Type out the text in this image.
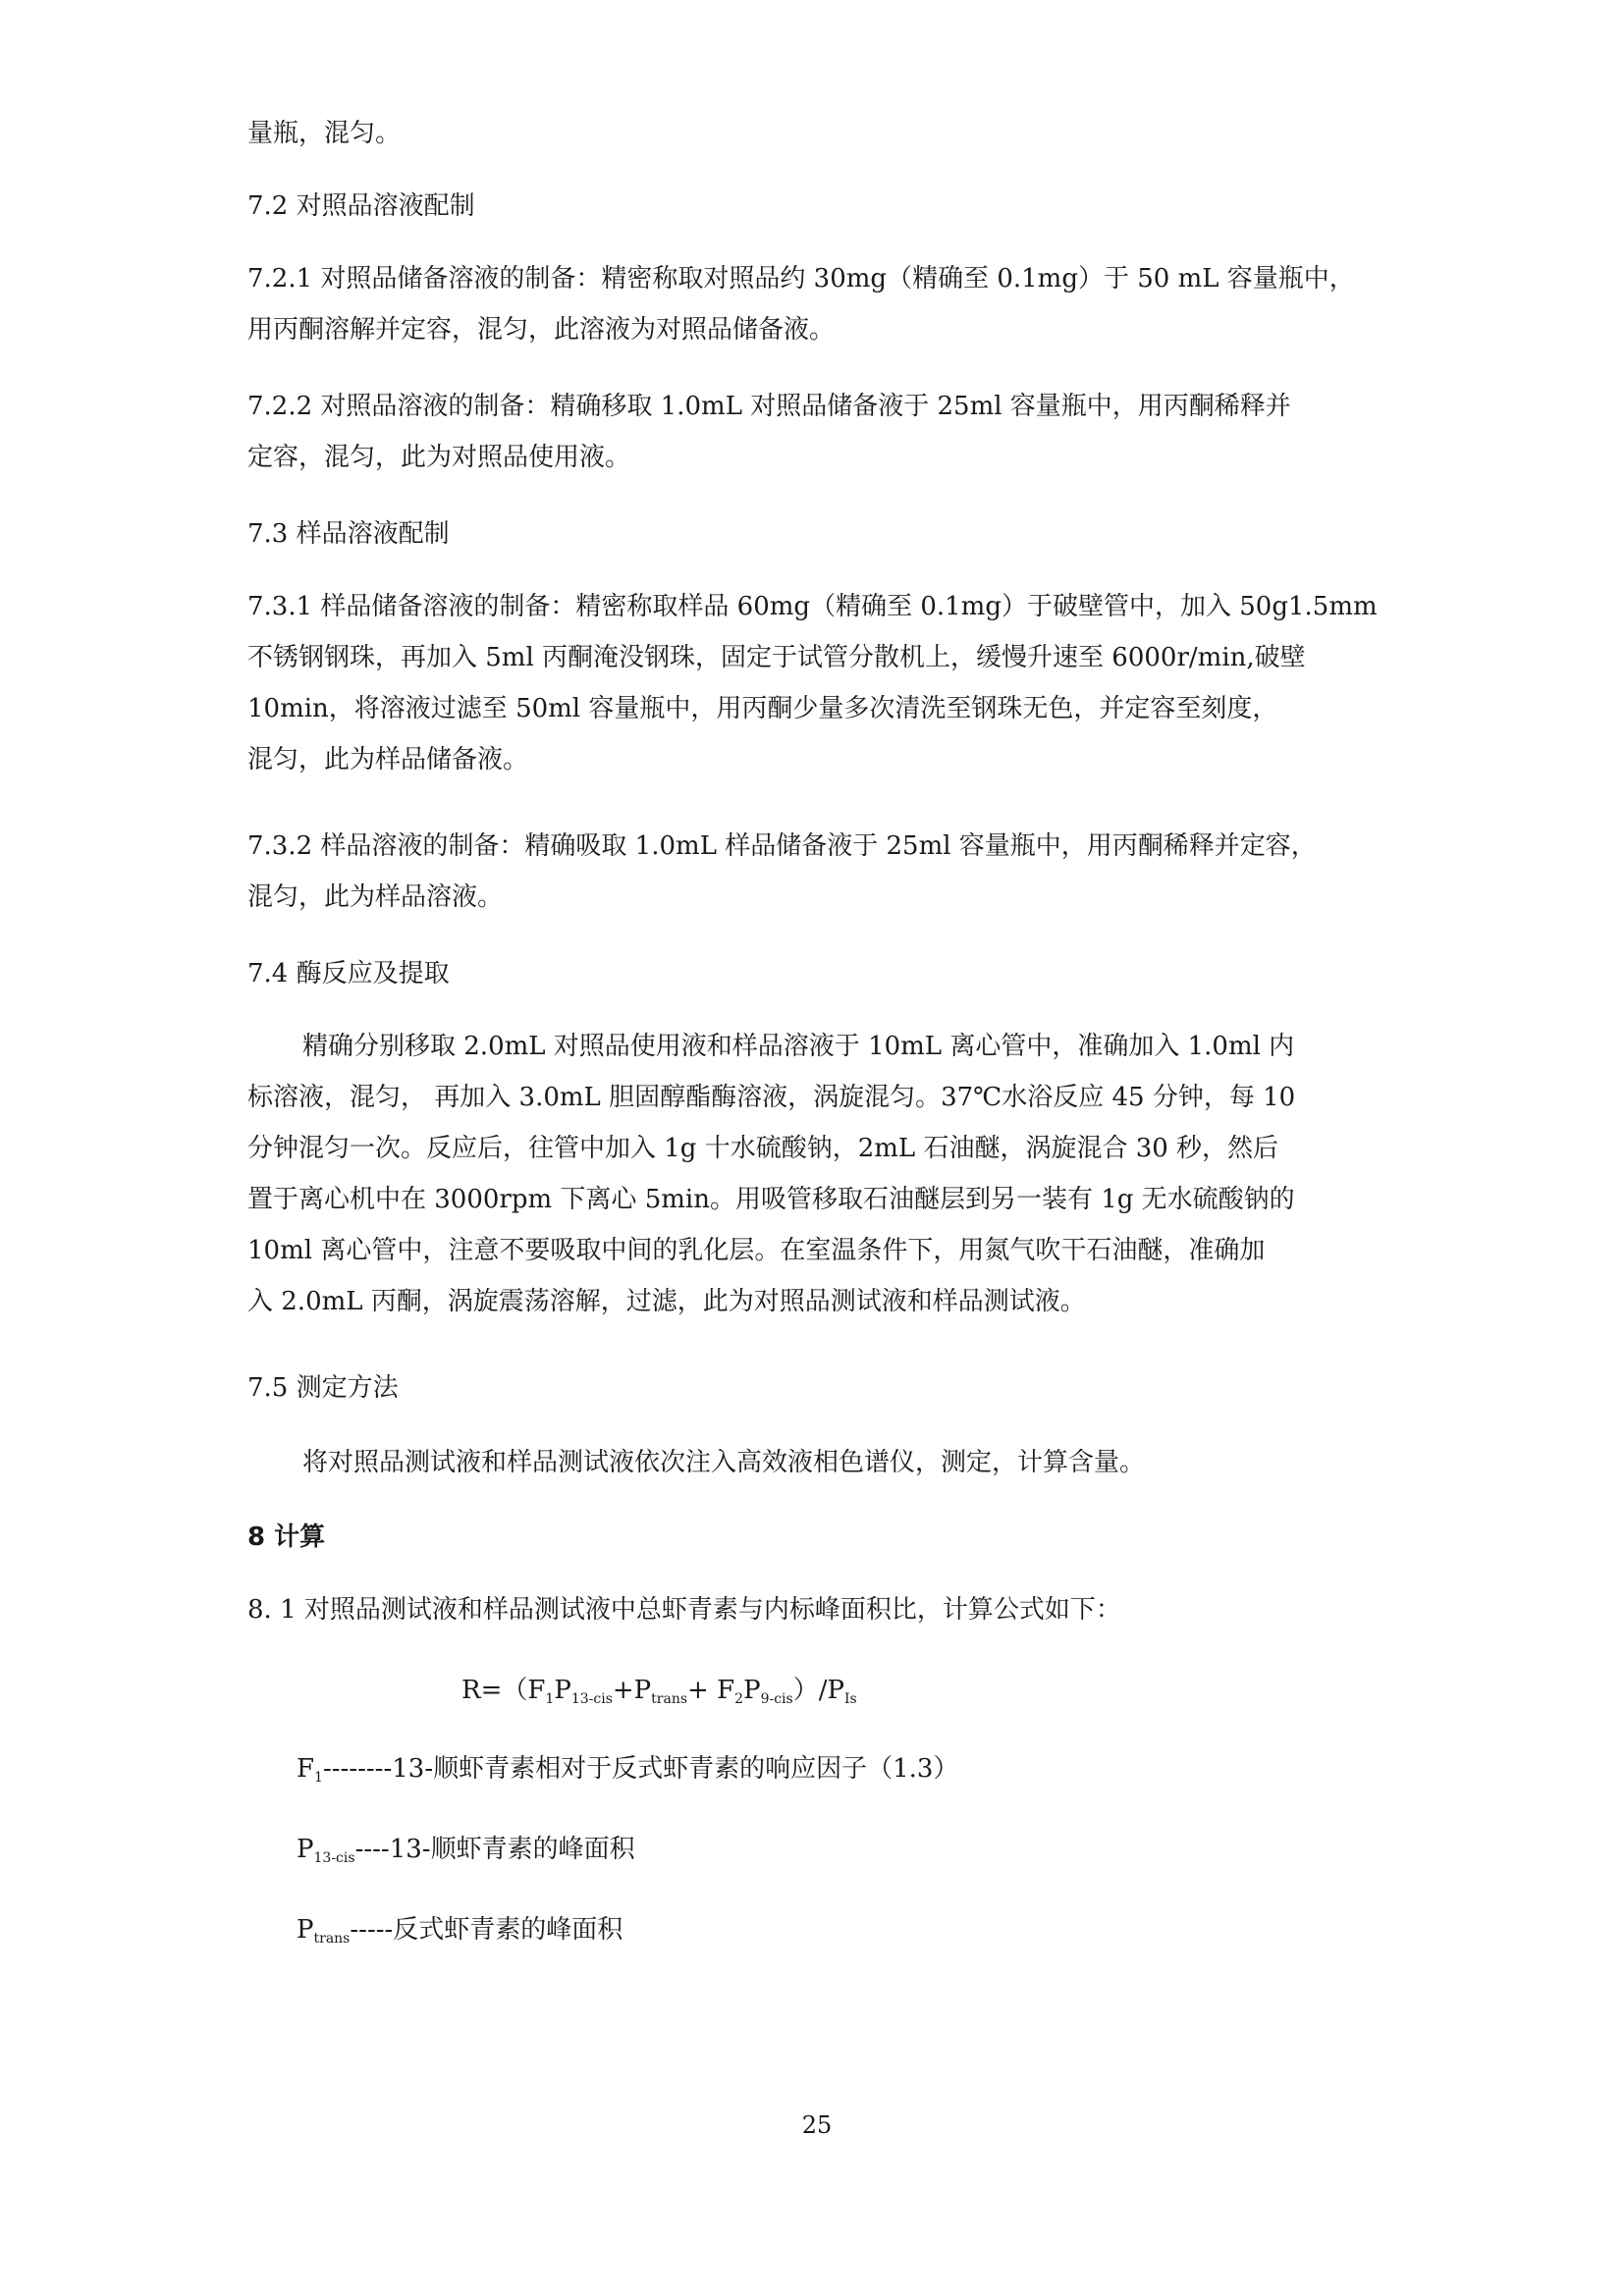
量瓶，混匀。

7.2 对照品溶液配制

7.2.1 对照品储备溶液的制备：精密称取对照品约 30mg（精确至 0.1mg）于 50 mL 容量瓶中，
用丙酮溶解并定容，混匀，此溶液为对照品储备液。

7.2.2 对照品溶液的制备：精确移取 1.0mL 对照品储备液于 25ml 容量瓶中，用丙酮稀释并
定容，混匀，此为对照品使用液。

7.3 样品溶液配制

7.3.1 样品储备溶液的制备：精密称取样品 60mg（精确至 0.1mg）于破壁管中，加入 50g1.5mm
不锈钢钢珠，再加入 5ml 丙酮淹没钢珠，固定于试管分散机上，缓慢升速至 6000r/min,破壁
10min，将溶液过滤至 50ml 容量瓶中，用丙酮少量多次清洗至钢珠无色，并定容至刻度，
混匀，此为样品储备液。

7.3.2 样品溶液的制备：精确吸取 1.0mL 样品储备液于 25ml 容量瓶中，用丙酮稀释并定容，
混匀，此为样品溶液。

7.4 酶反应及提取

精确分别移取 2.0mL 对照品使用液和样品溶液于 10mL 离心管中，准确加入 1.0ml 内
标溶液，混匀， 再加入 3.0mL 胆固醇酯酶溶液，涡旋混匀。37℃水浴反应 45 分钟，每 10
分钟混匀一次。反应后，往管中加入 1g 十水硫酸钠，2mL 石油醚，涡旋混合 30 秒，然后
置于离心机中在 3000rpm 下离心 5min。用吸管移取石油醚层到另一装有 1g 无水硫酸钠的
10ml 离心管中，注意不要吸取中间的乳化层。在室温条件下，用氮气吹干石油醚，准确加
入 2.0mL 丙酮，涡旋震荡溶解，过滤，此为对照品测试液和样品测试液。

7.5 测定方法

将对照品测试液和样品测试液依次注入高效液相色谱仪，测定，计算含量。

8 计算

8. 1 对照品测试液和样品测试液中总虾青素与内标峰面积比，计算公式如下：

$R=(F_1P_{13-cis}+P_{trans}+ F_2P_{9-cis})/P_{Is}$
$F_1--------13-$顺虾青素相对于反式虾青素的响应因子（1.3）
$P_{13-cis}----13-$顺虾青素的峰面积
$P_{trans}-----$反式虾青素的峰面积
25
